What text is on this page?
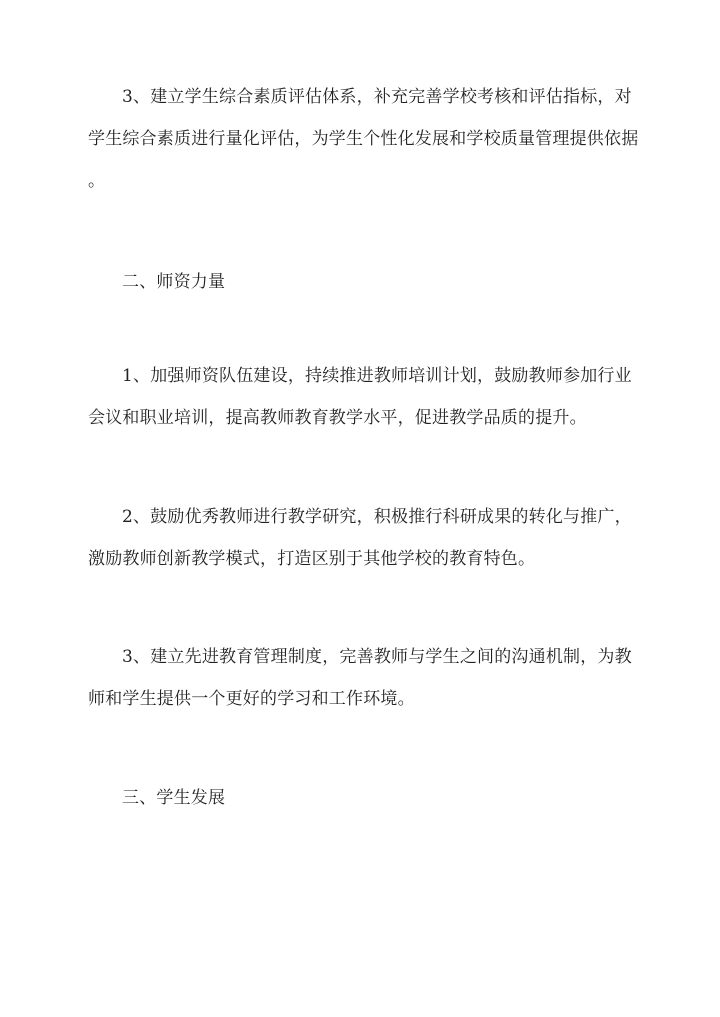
3、建立学生综合素质评估体系，补充完善学校考核和评估指标，对
学生综合素质进行量化评估，为学生个性化发展和学校质量管理提供依据
。
二、师资力量
1、加强师资队伍建设，持续推进教师培训计划，鼓励教师参加行业
会议和职业培训，提高教师教育教学水平，促进教学品质的提升。
2、鼓励优秀教师进行教学研究，积极推行科研成果的转化与推广，
激励教师创新教学模式，打造区别于其他学校的教育特色。
3、建立先进教育管理制度，完善教师与学生之间的沟通机制，为教
师和学生提供一个更好的学习和工作环境。
三、学生发展
